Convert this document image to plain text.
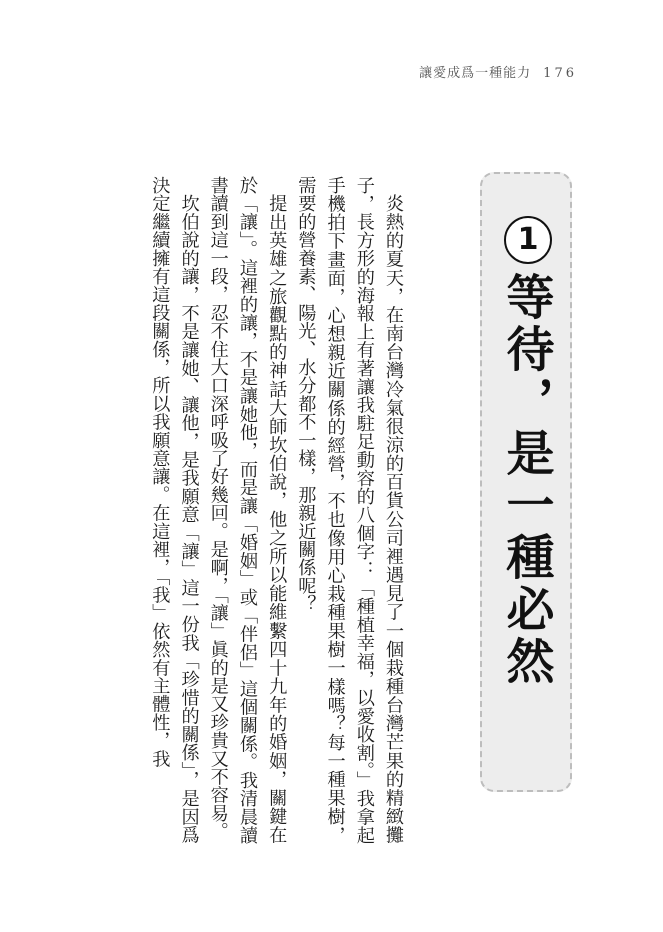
讓愛成爲一種能力 176
1
等待，是一種必然

炎熱的夏天，在南台灣冷氣很涼的百貨公司裡遇見了一個栽種台灣芒果的精緻攤子，長方形的海報上有著讓我駐足動容的八個字：「種植幸福，以愛收割。」我拿起手機拍下畫面，心想親近關係的經營，不也像用心栽種果樹一樣嗎？每一種果樹，需要的營養素、陽光、水分都不一樣，那親近關係呢？

提出英雄之旅觀點的神話大師坎伯說，他之所以能維繫四十九年的婚姻，關鍵在於「讓」。這裡的讓，不是讓她他，而是讓「婚姻」或「伴侶」這個關係。我清晨讀書讀到這一段，忍不住大口深呼吸了好幾回。是啊，「讓」眞的是又珍貴又不容易。

坎伯說的讓，不是讓她、讓他，是我願意「讓」這一份我「珍惜的關係」，是因爲決定繼續擁有這段關係，所以我願意讓。在這裡，「我」依然有主體性，我
